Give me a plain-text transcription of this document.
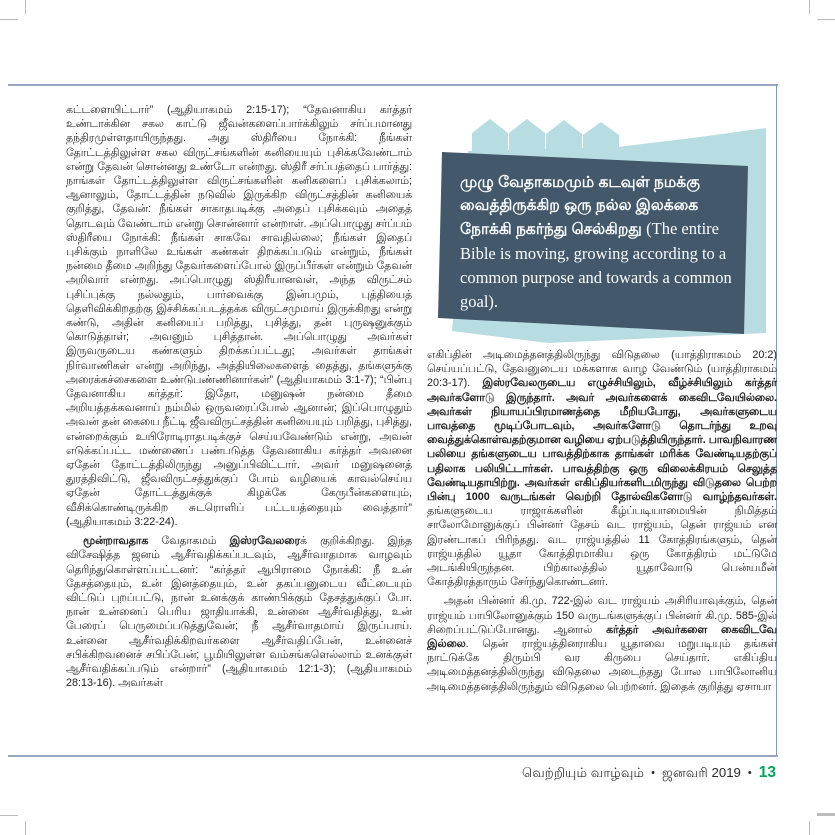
கட்டளையிட்டார்” (ஆதியாகமம் 2:15-17); “தேவனாகிய கர்த்தர் உண்டாக்கின சகல காட்டு ஜீவன்களைப்பார்க்கிலும் சர்ப்பமானது தந்திரமுள்ளதாயிருந்தது. அது ஸ்திரீயை நோக்கி: நீங்கள் தோட்டத்திலுள்ள சகல விருட்சங்களின் கனியையும் புசிக்கவேண்டாம் என்று தேவன் சொன்னது உண்டோ என்றது. ஸ்திரீ சர்ப்பத்தைப் பார்த்து: நாங்கள் தோட்டத்திலுள்ள விருட்சங்களின் கனிகளைப் புசிக்கலாம்; ஆனாலும், தோட்டத்தின் நடுவில் இருக்கிற விருட்சத்தின் கனியைக் குறித்து, தேவன்: நீங்கள் சாகாதபடிக்கு அதைப் புசிக்கவும் அதைத் தொடவும் வேண்டாம் என்று சொன்னார் என்றாள். அப்பொழுது சர்ப்பம் ஸ்திரீயை நோக்கி: நீங்கள் சாகவே சாவதில்லை; நீங்கள் இதைப் புசிக்கும் நாளிலே உங்கள் கண்கள் திறக்கப்படும் என்றும், நீங்கள் நன்மை தீமை அறிந்து தேவர்களைப்போல் இருப்பீர்கள் என்றும் தேவன் அறிவார் என்றது. அப்பொழுது ஸ்திரீயானவள், அந்த விருட்சம் புசிப்புக்கு நல்லதும், பார்வைக்கு இன்பமும், புத்தியைத் தெளிவிக்கிறதற்கு இச்சிக்கப்படத்தக்க விருட்சமுமாய் இருக்கிறது என்று கண்டு, அதின் கனியைப் பறித்து, புசித்து, தன் புருஷனுக்கும் கொடுத்தாள்; அவனும் புசித்தான். அப்பொழுது அவர்கள் இருவருடைய கண்களும் திறக்கப்பட்டது; அவர்கள் தாங்கள் நிர்வாணிகள் என்று அறிந்து, அத்தியிலைகளைத் தைத்து, தங்களுக்கு அரைக்கச்சைகளை உண்டுபண்ணினார்கள்” (ஆதியாகமம் 3:1-7); “பின்பு தேவனாகிய கர்த்தர்: இதோ, மனுஷன் நன்மை தீமை அறியத்தக்கவனாய் நம்மில் ஒருவரைப்போல் ஆனான்; இப்பொழுதும் அவன் தன் கையை நீட்டி ஜீவவிருட்சத்தின் கனியையும் பறித்து, புசித்து, என்றைக்கும் உயிரோடிராதபடிக்குச் செய்யவேண்டும் என்று, அவன் எடுக்கப்பட்ட மண்ணைப் பண்படுத்த தேவனாகிய கர்த்தர் அவனை ஏதேன் தோட்டத்திலிருந்து அனுப்பிவிட்டார். அவர் மனுஷனைத் துரத்திவிட்டு, ஜீவவிருட்சத்துக்குப் போம் வழியைக் காவல்செய்ய ஏதேன் தோட்டத்துக்குக் கிழக்கே கேருபீன்களையும், வீசிக்கொண்டிருக்கிற சுடரொளிப் பட்டயத்தையும் வைத்தார்” (ஆதியாகமம் 3:22-24).

மூன்றாவதாக வேதாகமம் இஸ்ரவேலரைக் குறிக்கிறது. இந்த விசேஷித்த ஜனம் ஆசீர்வதிக்கப்படவும், ஆசீர்வாதமாக வாழவும் தெரிந்துகொள்ளப்பட்டனர்: “கர்த்தர் ஆபிராமை நோக்கி: நீ உன் தேசத்தையும், உன் இனத்தையும், உன் தகப்பனுடைய வீட்டையும் விட்டுப் புறப்பட்டு, நான் உனக்குக் காண்பிக்கும் தேசத்துக்குப் போ. நான் உன்னைப் பெரிய ஜாதியாக்கி, உன்னை ஆசீர்வதித்து, உன் பேரைப் பெருமைப்படுத்துவேன்; நீ ஆசீர்வாதமாய் இருப்பாய். உன்னை ஆசீர்வதிக்கிறவர்களை ஆசீர்வதிப்பேன், உன்னைச் சபிக்கிறவனைச் சபிப்பேன்; பூமியிலுள்ள வம்சங்களெல்லாம் உனக்குள் ஆசீர்வதிக்கப்படும் என்றார்” (ஆதியாகமம் 12:1-3); (ஆதியாகமம் 28:13-16). அவர்கள்

முழு வேதாகமமும் கடவுள் நமக்கு வைத்திருக்கிற ஒரு நல்ல இலக்கை நோக்கி நகர்ந்து செல்கிறது (The entire Bible is moving, growing according to a common purpose and towards a common goal).

எகிப்தின் அடிமைத்தனத்திலிருந்து விடுதலை (யாத்திராகமம் 20:2) செய்யப்பட்டு, தேவனுடைய மக்களாக வாழ வேண்டும் (யாத்திராகமம் 20:3-17). இஸ்ரவேலருடைய எழுச்சியிலும், வீழ்ச்சியிலும் கர்த்தர் அவர்களோடு இருந்தார். அவர் அவர்களைக் கைவிடவேயில்லை. அவர்கள் நியாயப்பிரமாணத்தை மீறியபோது, அவர்களுடைய பாவத்தை மூடிப்போடவும், அவர்களோடு தொடர்ந்து உறவு வைத்துக்கொள்வதற்குமான வழியை ஏற்படுத்தியிருந்தார். பாவநிவாரண பலியை தங்களுடைய பாவத்திற்காக தாங்கள் மரிக்க வேண்டியதற்குப் பதிலாக பலியிட்டார்கள். பாவத்திற்கு ஒரு விலைக்கிரயம் செலுத்த வேண்டியதாயிற்று. அவர்கள் எகிப்தியர்களிடமிருந்து விடுதலை பெற்ற பின்பு 1000 வருடங்கள் வெற்றி தோல்விகளோடு வாழ்ந்தவர்கள். தங்களுடைய ராஜாக்களின் கீழ்ப்படியாமையின் நிமித்தம் சாலோமோனுக்குப் பின்னர் தேசம் வட ராஜ்யம், தென் ராஜ்யம் என இரண்டாகப் பிரிந்தது. வட ராஜ்யத்தில் 11 கோத்திரங்களும், தென் ராஜ்யத்தில் யூதா கோத்திரமாகிய ஒரு கோத்திரம் மட்டுமே அடங்கியிருந்தன. பிற்காலத்தில் யூதாவோடு பென்யமீன் கோத்திரத்தாரும் சேர்ந்துகொண்டனர்.

அதன் பின்னர் கி.மு. 722-இல் வட ராஜ்யம் அசிரியாவுக்கும், தென் ராஜ்யம் பாபிலோனுக்கும் 150 வருடங்களுக்குப் பின்னர் கி.மு. 585-இல் சிறைப்பட்டுப்போனது. ஆனால் கர்த்தர் அவர்களை கைவிடவே இல்லை. தென் ராஜ்யத்தினராகிய யூதாவை மறுபடியும் தங்கள் நாட்டுக்கே திரும்பி வர கிருபை செய்தார். எகிப்திய அடிமைத்தனத்திலிருந்து விடுதலை அடைந்தது போல பாபிலோனிய அடிமைத்தனத்திலிருந்தும் விடுதலை பெற்றனர். இதைக் குறித்து ஏசாயா

வெற்றியும் வாழ்வும் • ஜனவரி 2019 • 13
